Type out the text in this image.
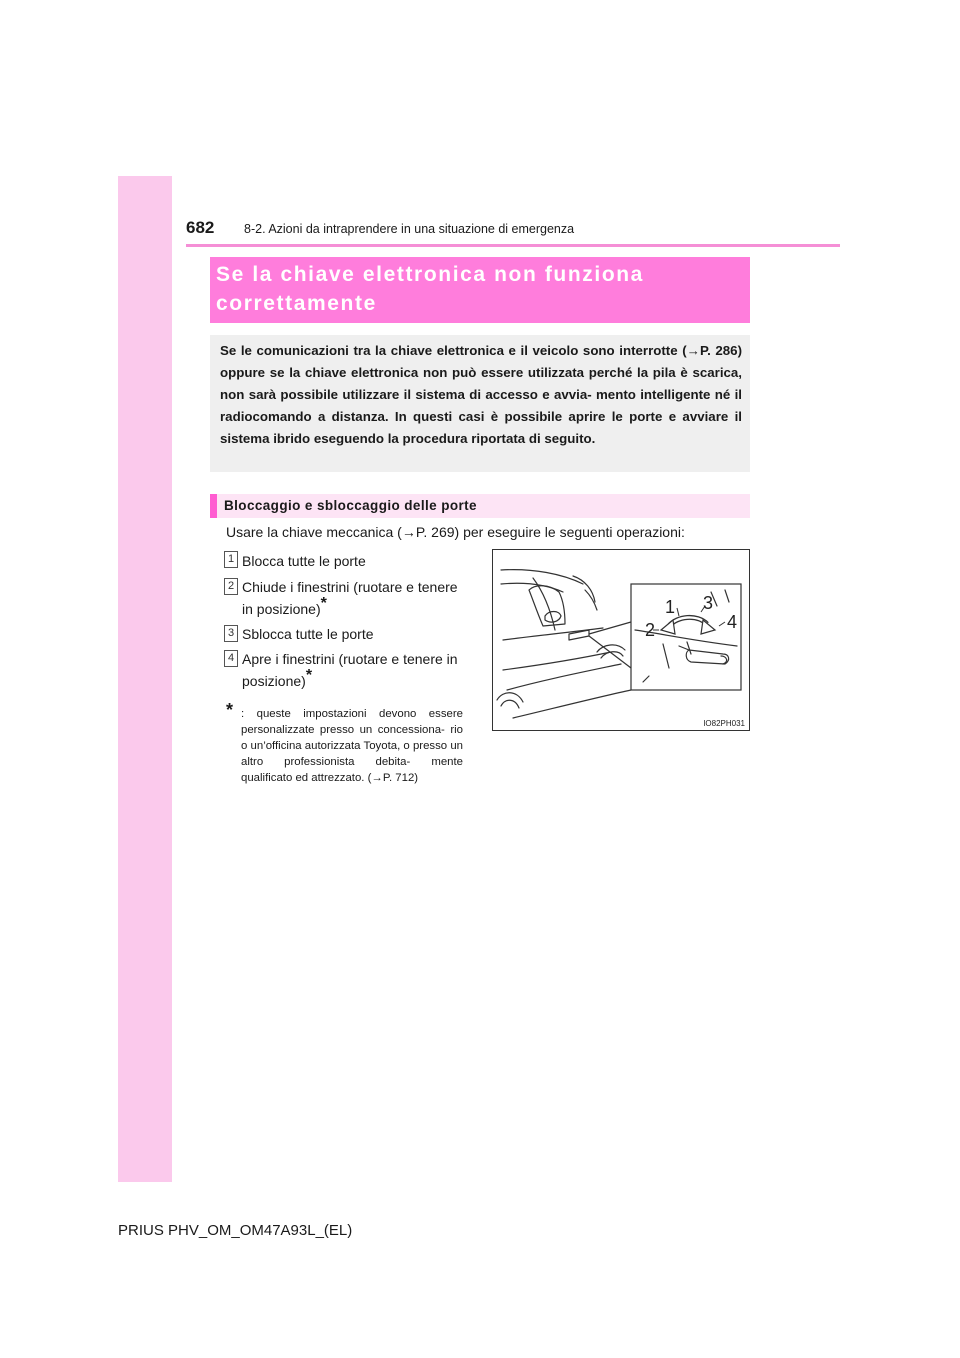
682 8-2. Azioni da intraprendere in una situazione di emergenza
Se la chiave elettronica non funziona
correttamente
Se le comunicazioni tra la chiave elettronica e il veicolo sono interrotte (→P. 286) oppure se la chiave elettronica non può essere utilizzata perché la pila è scarica, non sarà possibile utilizzare il sistema di accesso e avvia- mento intelligente né il radiocomando a distanza. In questi casi è possibile aprire le porte e avviare il sistema ibrido eseguendo la procedura riportata di seguito.
Bloccaggio e sbloccaggio delle porte
Usare la chiave meccanica (→P. 269) per eseguire le seguenti operazioni:
1 Blocca tutte le porte
2 Chiude i finestrini (ruotare e tenere
in posizione)*
3 Sblocca tutte le porte
4 Apre i finestrini (ruotare e tenere in
posizione)*
* : queste impostazioni devono essere personalizzate presso un concessiona- rio o un’officina autorizzata Toyota, o presso un altro professionista debita- mente qualificato ed attrezzato. (→P. 712)
1
2
3
4
IO82PH031
PRIUS PHV_OM_OM47A93L_(EL)
